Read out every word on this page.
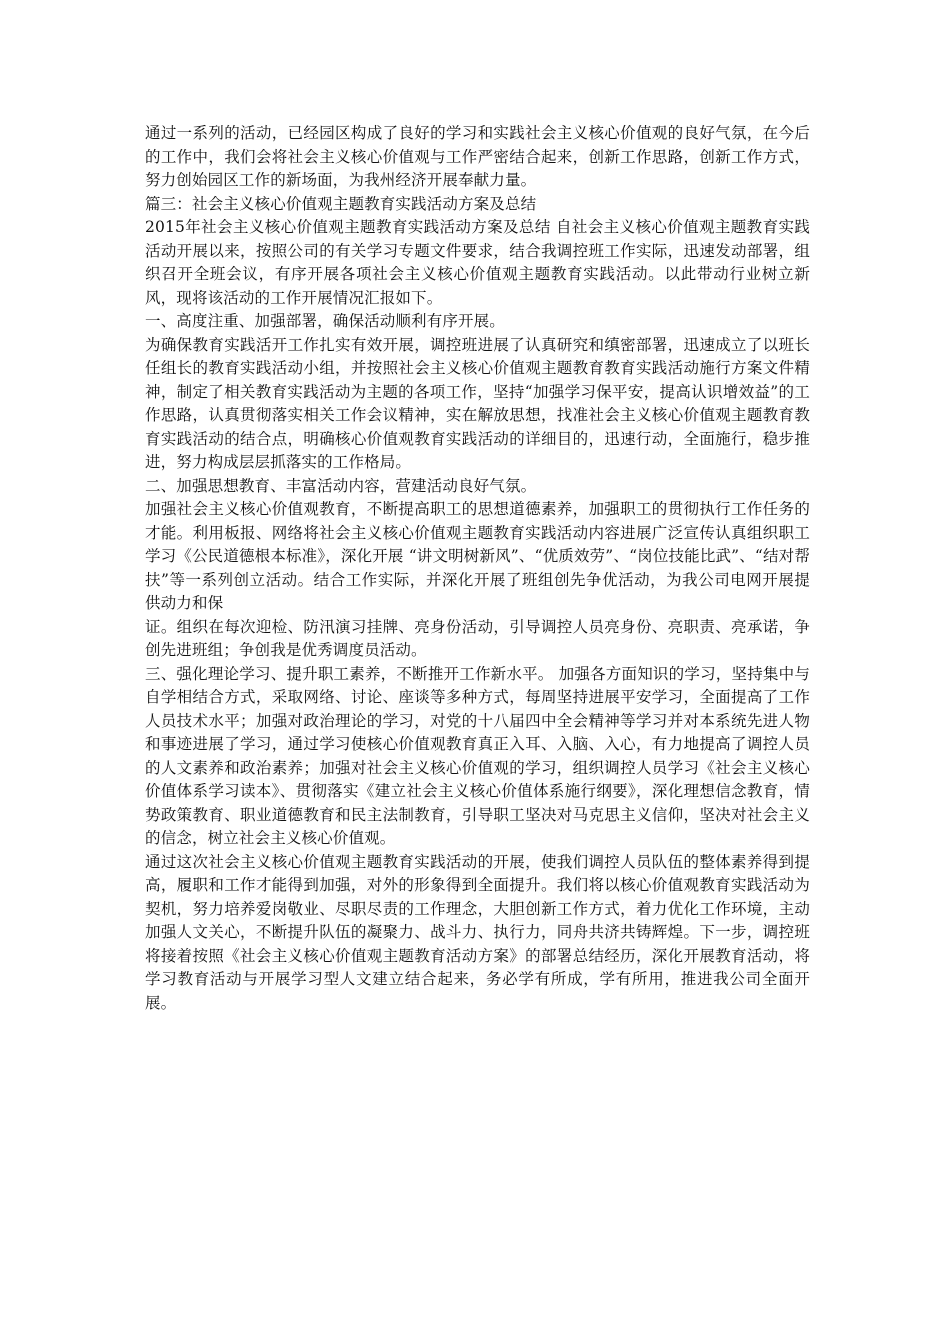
通过一系列的活动，已经园区构成了良好的学习和实践社会主义核心价值观的良好气氛，在今后的工作中，我们会将社会主义核心价值观与工作严密结合起来，创新工作思路，创新工作方式，努力创始园区工作的新场面，为我州经济开展奉献力量。

篇三：社会主义核心价值观主题教育实践活动方案及总结

2015年社会主义核心价值观主题教育实践活动方案及总结 自社会主义核心价值观主题教育实践活动开展以来，按照公司的有关学习专题文件要求，结合我调控班工作实际，迅速发动部署，组织召开全班会议，有序开展各项社会主义核心价值观主题教育实践活动。以此带动行业树立新风，现将该活动的工作开展情况汇报如下。

一、高度注重、加强部署，确保活动顺利有序开展。

为确保教育实践活开工作扎实有效开展，调控班进展了认真研究和缜密部署，迅速成立了以班长任组长的教育实践活动小组，并按照社会主义核心价值观主题教育教育实践活动施行方案文件精神，制定了相关教育实践活动为主题的各项工作，坚持“加强学习保平安，提高认识增效益”的工作思路，认真贯彻落实相关工作会议精神，实在解放思想，找准社会主义核心价值观主题教育教育实践活动的结合点，明确核心价值观教育实践活动的详细目的，迅速行动，全面施行，稳步推进，努力构成层层抓落实的工作格局。

二、加强思想教育、丰富活动内容，营建活动良好气氛。

加强社会主义核心价值观教育，不断提高职工的思想道德素养，加强职工的贯彻执行工作任务的才能。利用板报、网络将社会主义核心价值观主题教育实践活动内容进展广泛宣传认真组织职工学习《公民道德根本标准》，深化开展 “讲文明树新风”、“优质效劳”、“岗位技能比武”、“结对帮扶”等一系列创立活动。结合工作实际，并深化开展了班组创先争优活动，为我公司电网开展提供动力和保

证。组织在每次迎检、防汛演习挂牌、亮身份活动，引导调控人员亮身份、亮职责、亮承诺，争创先进班组；争创我是优秀调度员活动。

三、强化理论学习、提升职工素养，不断推开工作新水平。 加强各方面知识的学习，坚持集中与自学相结合方式，采取网络、讨论、座谈等多种方式，每周坚持进展平安学习，全面提高了工作人员技术水平；加强对政治理论的学习，对党的十八届四中全会精神等学习并对本系统先进人物和事迹进展了学习，通过学习使核心价值观教育真正入耳、入脑、入心，有力地提高了调控人员的人文素养和政治素养；加强对社会主义核心价值观的学习，组织调控人员学习《社会主义核心价值体系学习读本》、贯彻落实《建立社会主义核心价值体系施行纲要》，深化理想信念教育，情势政策教育、职业道德教育和民主法制教育，引导职工坚决对马克思主义信仰，坚决对社会主义的信念，树立社会主义核心价值观。

通过这次社会主义核心价值观主题教育实践活动的开展，使我们调控人员队伍的整体素养得到提高，履职和工作才能得到加强，对外的形象得到全面提升。我们将以核心价值观教育实践活动为契机，努力培养爱岗敬业、尽职尽责的工作理念，大胆创新工作方式，着力优化工作环境，主动加强人文关心，不断提升队伍的凝聚力、战斗力、执行力，同舟共济共铸辉煌。下一步，调控班将接着按照《社会主义核心价值观主题教育活动方案》的部署总结经历，深化开展教育活动，将学习教育活动与开展学习型人文建立结合起来，务必学有所成，学有所用，推进我公司全面开展。
